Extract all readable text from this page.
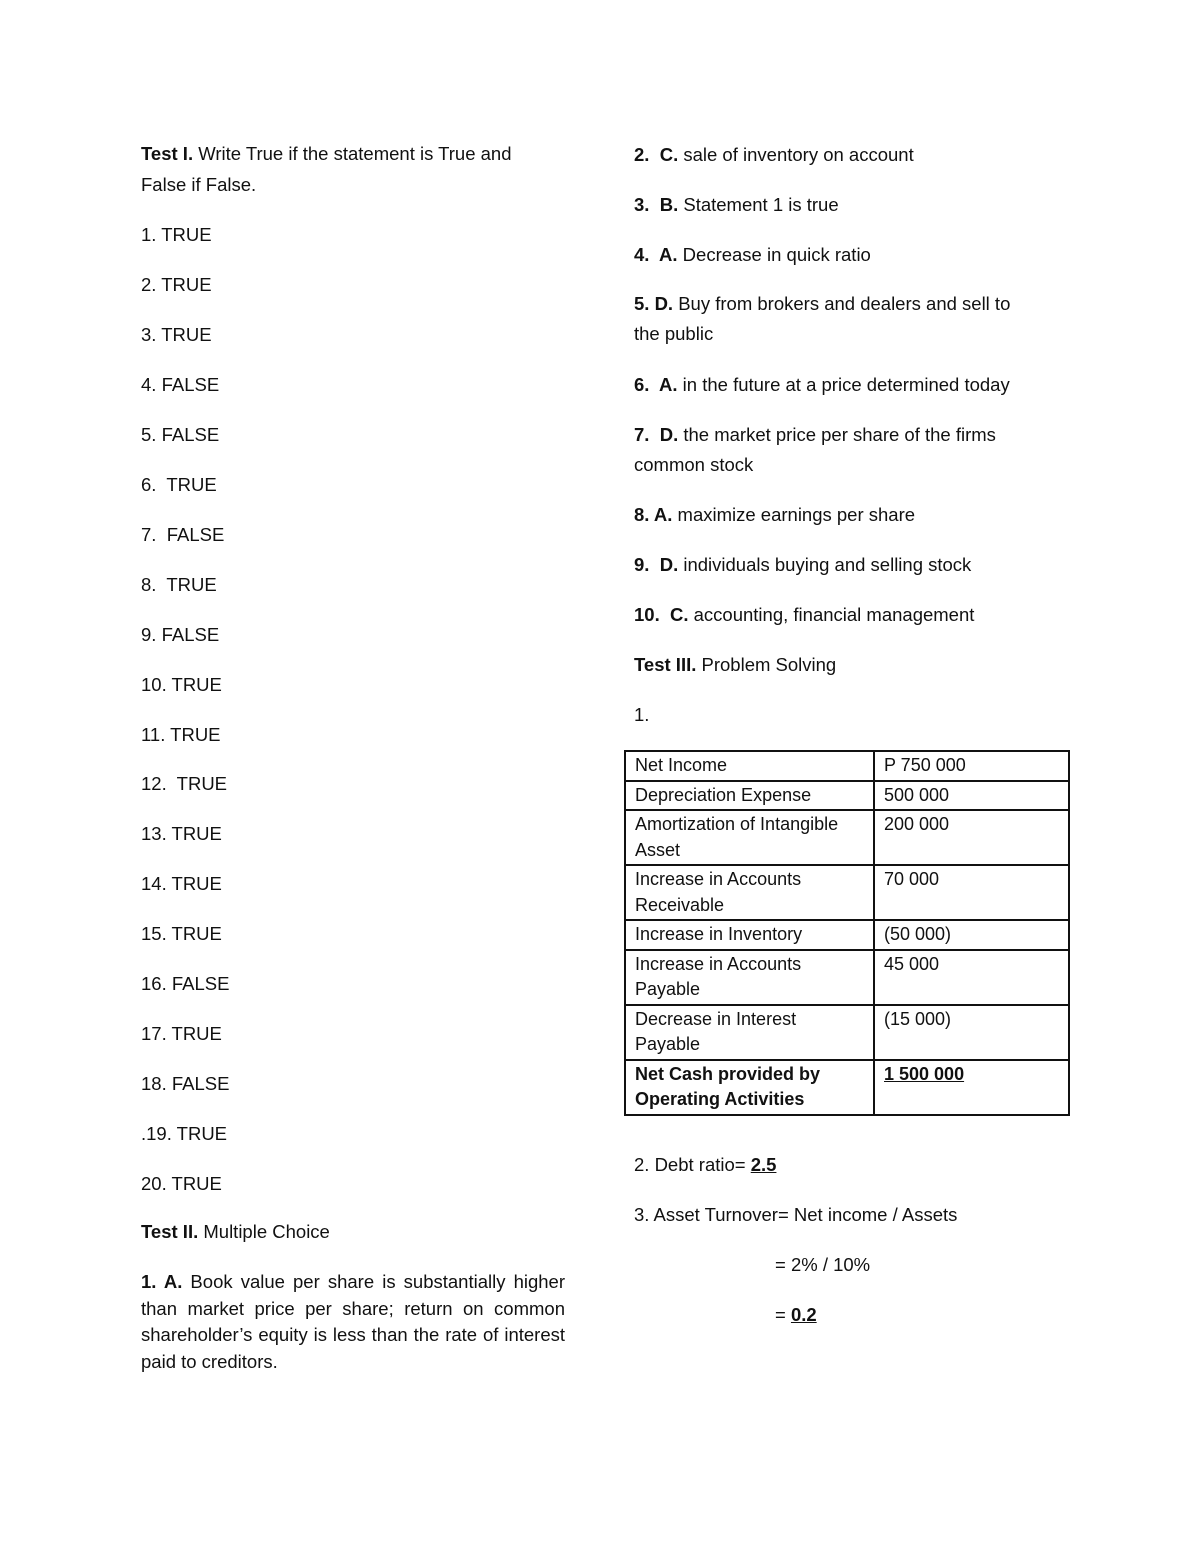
Test I. Write True if the statement is True and
False if False.
1. TRUE
2. TRUE
3. TRUE
4. FALSE
5. FALSE
6.  TRUE
7.  FALSE
8.  TRUE
9. FALSE
10. TRUE
11. TRUE
12.  TRUE
13. TRUE
14. TRUE
15. TRUE
16. FALSE
17. TRUE
18. FALSE
.19. TRUE
20. TRUE
Test II. Multiple Choice
1. A. Book value per share is substantially higher than market price per share; return on common shareholder’s equity is less than the rate of interest paid to creditors.
2.  C. sale of inventory on account
3.  B. Statement 1 is true
4.  A. Decrease in quick ratio
5. D. Buy from brokers and dealers and sell to
the public
6.  A. in the future at a price determined today
7.  D. the market price per share of the firms
common stock
8. A. maximize earnings per share
9.  D. individuals buying and selling stock
10.  C. accounting, financial management
Test III. Problem Solving
1.
Net Income	P 750 000
Depreciation Expense	500 000
Amortization of Intangible Asset	200 000
Increase in Accounts Receivable	70 000
Increase in Inventory	(50 000)
Increase in Accounts Payable	45 000
Decrease in Interest Payable	(15 000)
Net Cash provided by Operating Activities	1 500 000
2. Debt ratio= 2.5
3. Asset Turnover= Net income / Assets
= 2% / 10%
= 0.2
